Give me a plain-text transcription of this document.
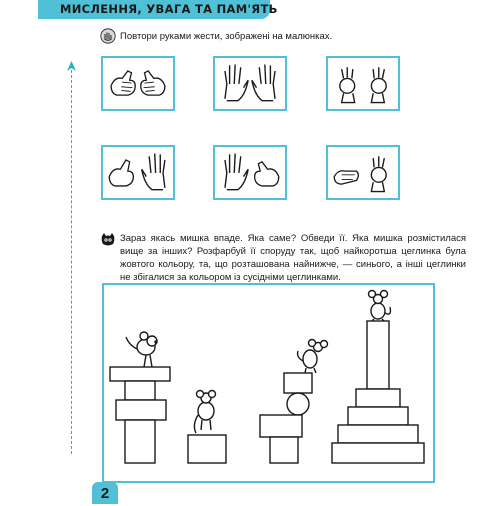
МИСЛЕННЯ, УВАГА ТА ПАМ'ЯТЬ
Повтори руками жести, зображені на малюнках.
Зараз якась мишка впаде. Яка саме? Обведи її. Яка мишка розмістилася вище за інших? Розфарбуй її споруду так, щоб найкоротша цеглинка була жовтого кольору, та, що розташована найнижче, — синього, а інші цеглинки не збігалися за кольором із сусідніми цеглинками.
2
